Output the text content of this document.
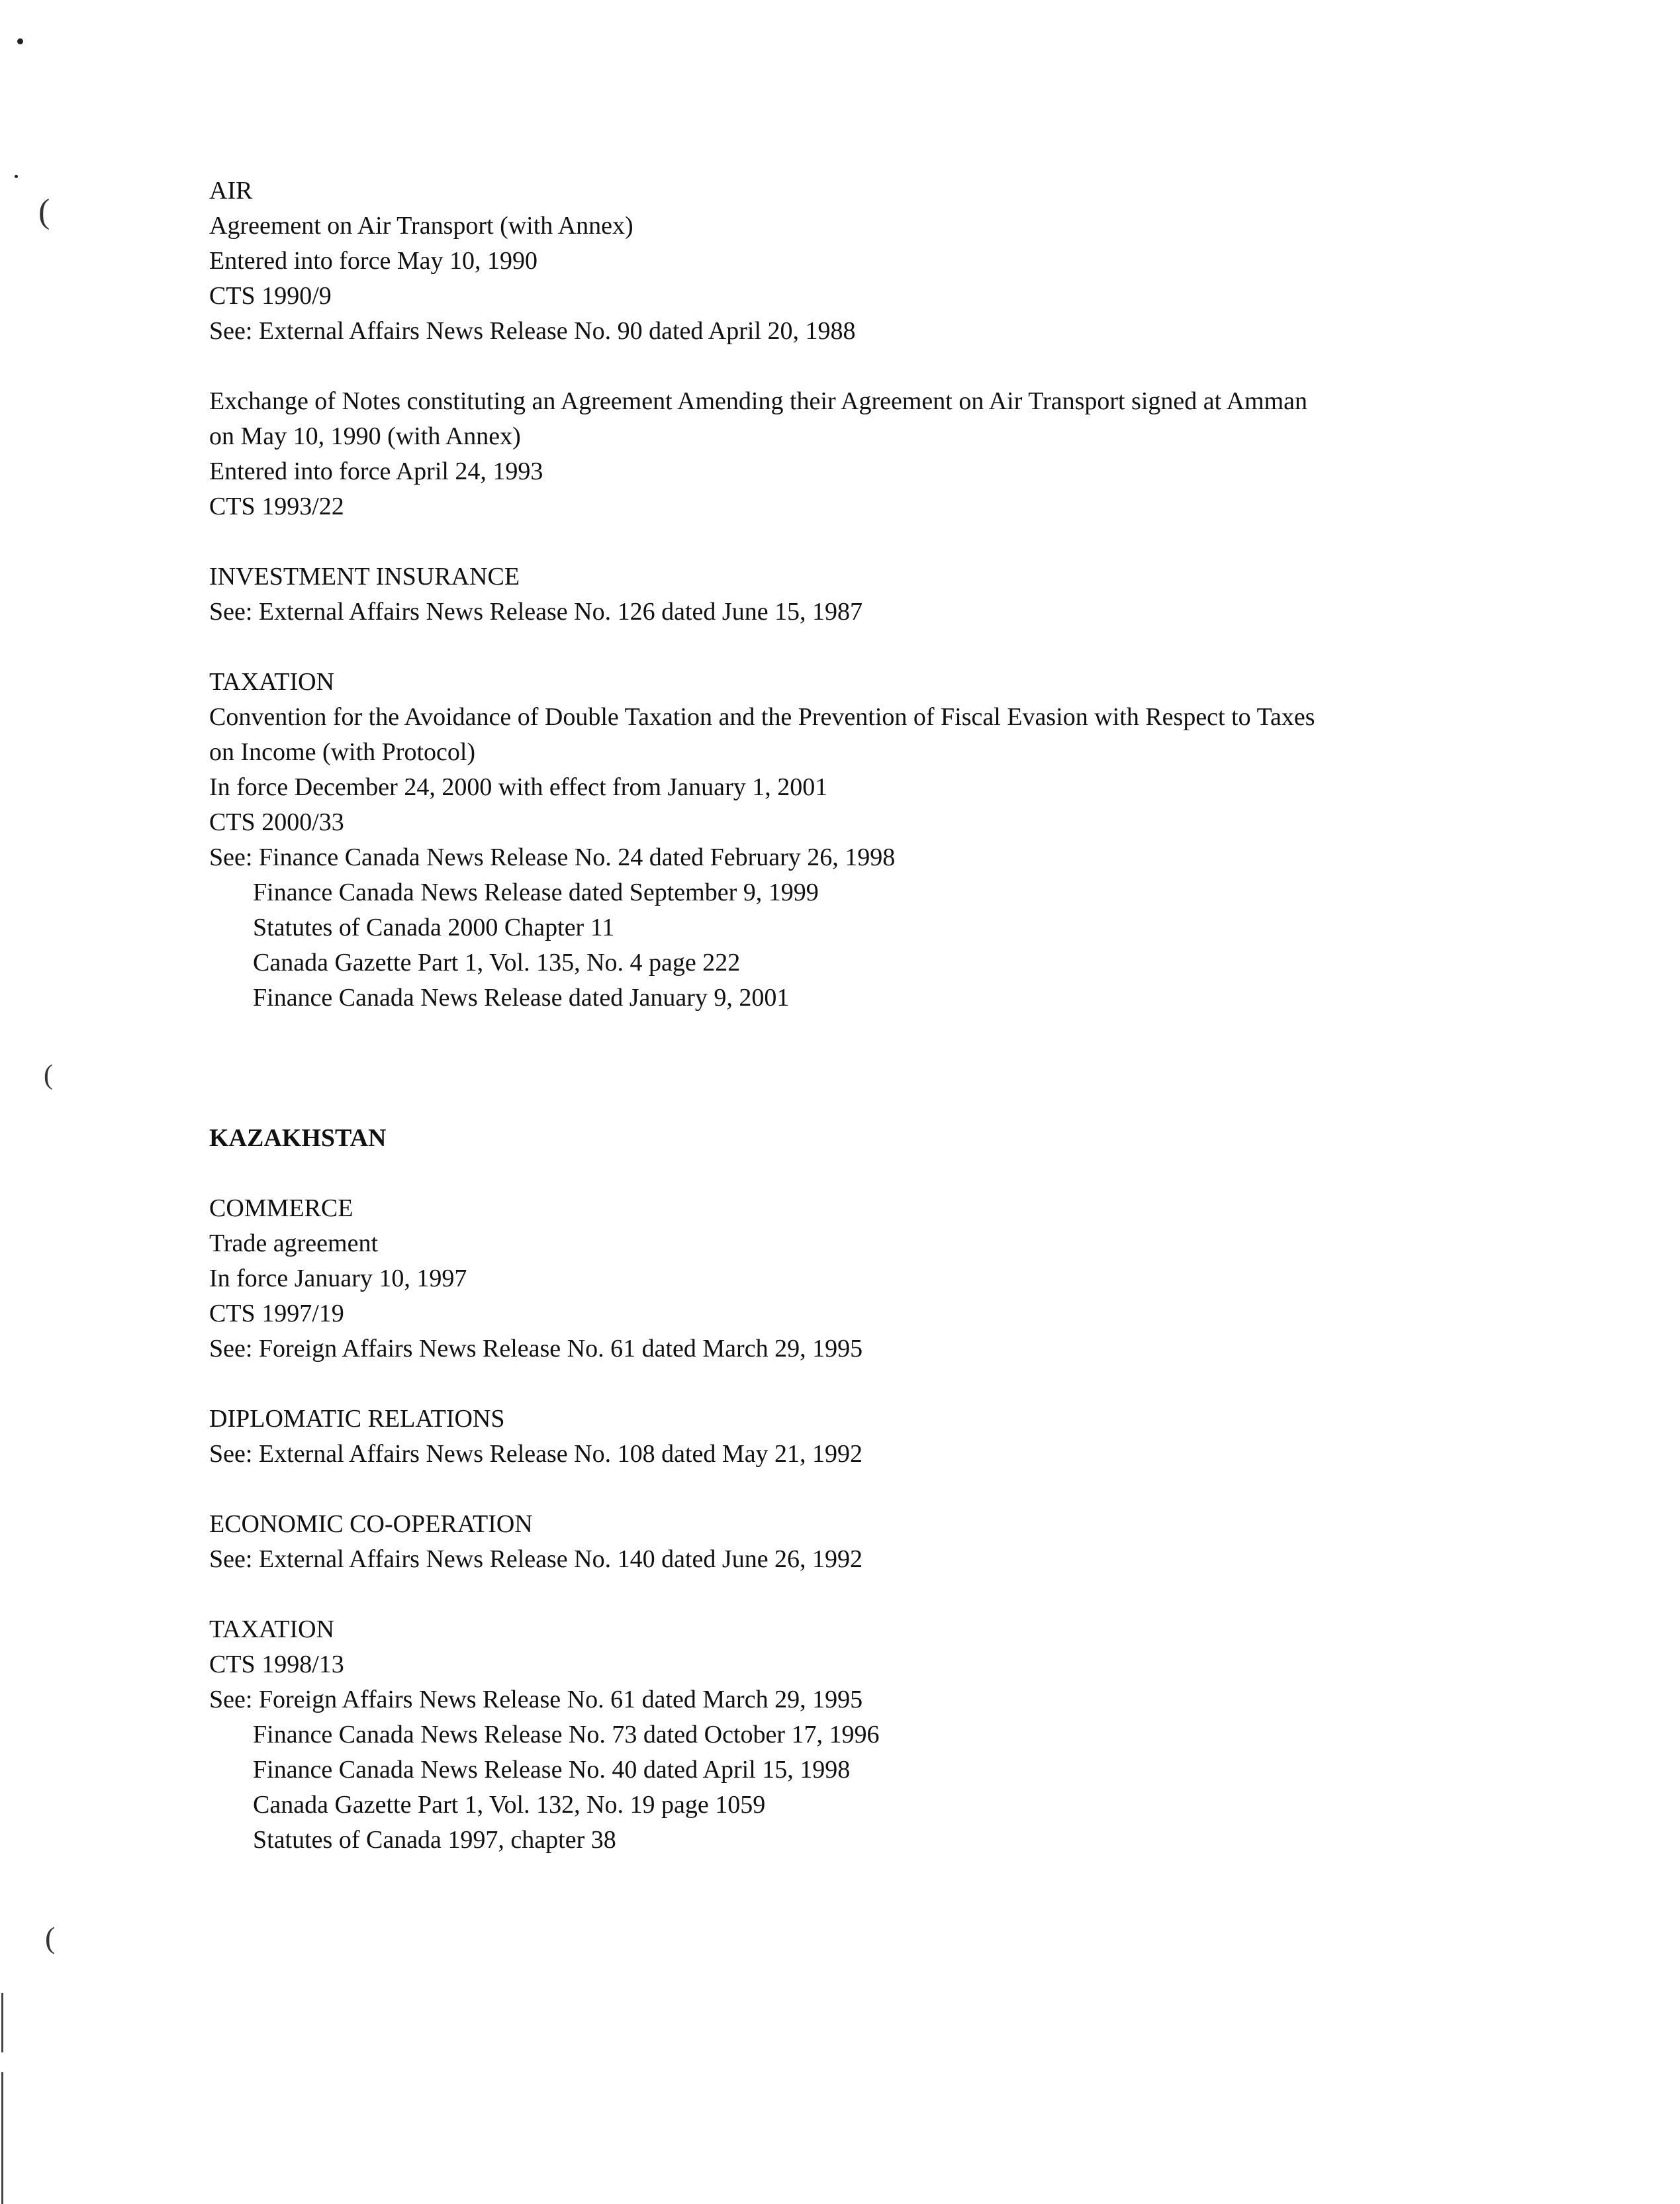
(
(
(
AIR
Agreement on Air Transport (with Annex)
Entered into force May 10, 1990
CTS 1990/9
See: External Affairs News Release No. 90 dated April 20, 1988
Exchange of Notes constituting an Agreement Amending their Agreement on Air Transport signed at Amman
on May 10, 1990 (with Annex)
Entered into force April 24, 1993
CTS 1993/22
INVESTMENT INSURANCE
See: External Affairs News Release No. 126 dated June 15, 1987
TAXATION
Convention for the Avoidance of Double Taxation and the Prevention of Fiscal Evasion with Respect to Taxes
on Income (with Protocol)
In force December 24, 2000 with effect from January 1, 2001
CTS 2000/33
See: Finance Canada News Release No. 24 dated February 26, 1998
Finance Canada News Release dated September 9, 1999
Statutes of Canada 2000 Chapter 11
Canada Gazette Part 1, Vol. 135, No. 4 page 222
Finance Canada News Release dated January 9, 2001
KAZAKHSTAN
COMMERCE
Trade agreement
In force January 10, 1997
CTS 1997/19
See: Foreign Affairs News Release No. 61 dated March 29, 1995
DIPLOMATIC RELATIONS
See: External Affairs News Release No. 108 dated May 21, 1992
ECONOMIC CO-OPERATION
See: External Affairs News Release No. 140 dated June 26, 1992
TAXATION
CTS 1998/13
See: Foreign Affairs News Release No. 61 dated March 29, 1995
Finance Canada News Release No. 73 dated October 17, 1996
Finance Canada News Release No. 40 dated April 15, 1998
Canada Gazette Part 1, Vol. 132, No. 19 page 1059
Statutes of Canada 1997, chapter 38
